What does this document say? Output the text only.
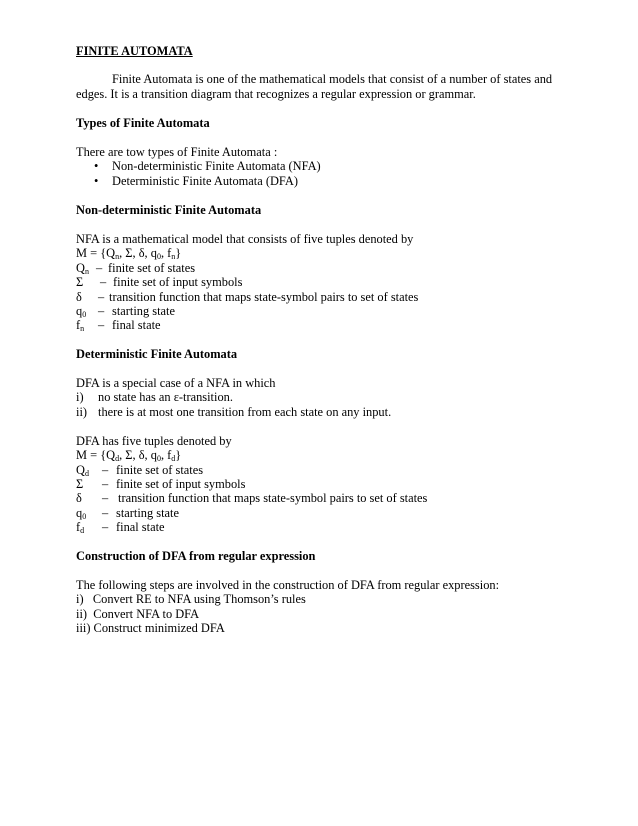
FINITE AUTOMATA
Finite Automata is one of the mathematical models that consist of a number of states and
edges. It is a transition diagram that recognizes a regular expression or grammar.
Types of Finite Automata
There are tow types of Finite Automata :
• Non-deterministic Finite Automata (NFA)
• Deterministic Finite Automata (DFA)
Non-deterministic Finite Automata
NFA is a mathematical model that consists of five tuples denoted by
$M = \{Q_n$, Σ, δ, $q_0$, $f_n$}
$Q_n$ – finite set of states
Σ – finite set of input symbols
δ – transition function that maps state-symbol pairs to set of states
$q_0$ – starting state
$f_n$ – final state
Deterministic Finite Automata
DFA is a special case of a NFA in which
i) no state has an ε-transition.
ii) there is at most one transition from each state on any input.
DFA has five tuples denoted by
$M = \{Q_d$, Σ, δ, $q_0$, $f_d$}
$Q_d$ – finite set of states
Σ – finite set of input symbols
δ – transition function that maps state-symbol pairs to set of states
$q_0$ – starting state
$f_d$ – final state
Construction of DFA from regular expression
The following steps are involved in the construction of DFA from regular expression:
i)   Convert RE to NFA using Thomson’s rules
ii)  Convert NFA to DFA
iii) Construct minimized DFA
